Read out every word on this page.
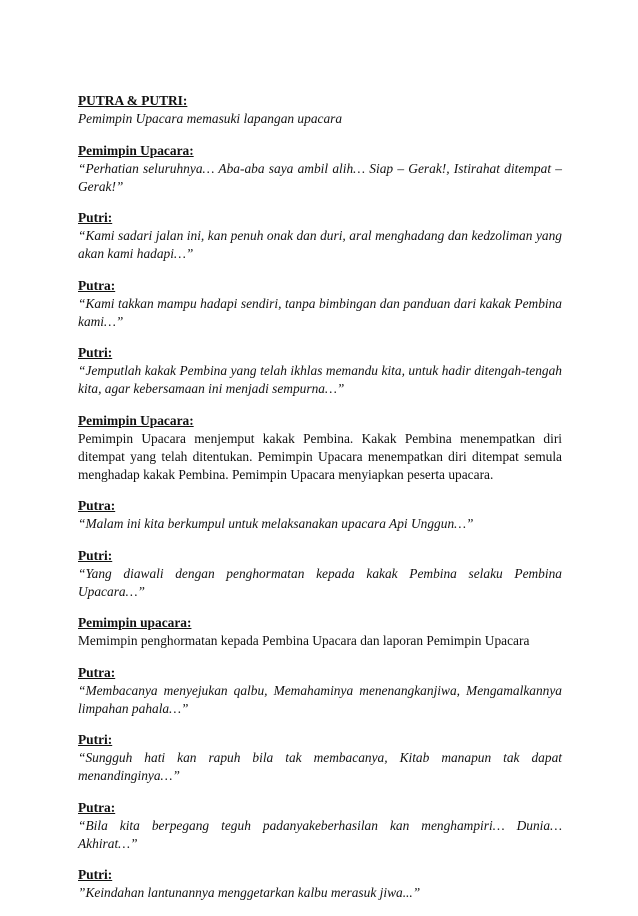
PUTRA & PUTRI:

Pemimpin Upacara memasuki lapangan upacara

Pemimpin Upacara:

“Perhatian seluruhnya… Aba-aba saya ambil alih… Siap – Gerak!, Istirahat ditempat – Gerak!”

Putri:

“Kami sadari jalan ini, kan penuh onak dan duri, aral menghadang dan kedzoliman yang akan kami hadapi…”

Putra:

“Kami takkan mampu hadapi sendiri, tanpa bimbingan dan panduan dari kakak Pembina kami…”

Putri:

“Jemputlah kakak Pembina yang telah ikhlas memandu kita, untuk hadir ditengah-tengah kita, agar kebersamaan ini menjadi sempurna…”

Pemimpin Upacara:

Pemimpin Upacara menjemput kakak Pembina. Kakak Pembina menempatkan diri ditempat yang telah ditentukan. Pemimpin Upacara menempatkan diri ditempat semula menghadap kakak Pembina. Pemimpin Upacara menyiapkan peserta upacara.

Putra:

“Malam ini kita berkumpul untuk melaksanakan upacara Api Unggun…”

Putri:

“Yang diawali dengan penghormatan kepada kakak Pembina selaku Pembina Upacara…”

Pemimpin upacara:

Memimpin penghormatan kepada Pembina Upacara dan laporan Pemimpin Upacara

Putra:

“Membacanya menyejukan qalbu, Memahaminya menenangkanjiwa, Mengamalkannya limpahan pahala…”

Putri:

“Sungguh hati kan rapuh bila tak membacanya, Kitab manapun tak dapat menandinginya…”

Putra:

“Bila kita berpegang teguh padanyakeberhasilan kan menghampiri… Dunia… Akhirat…”

Putri:

”Keindahan lantunannya menggetarkan kalbu merasuk jiwa...”
